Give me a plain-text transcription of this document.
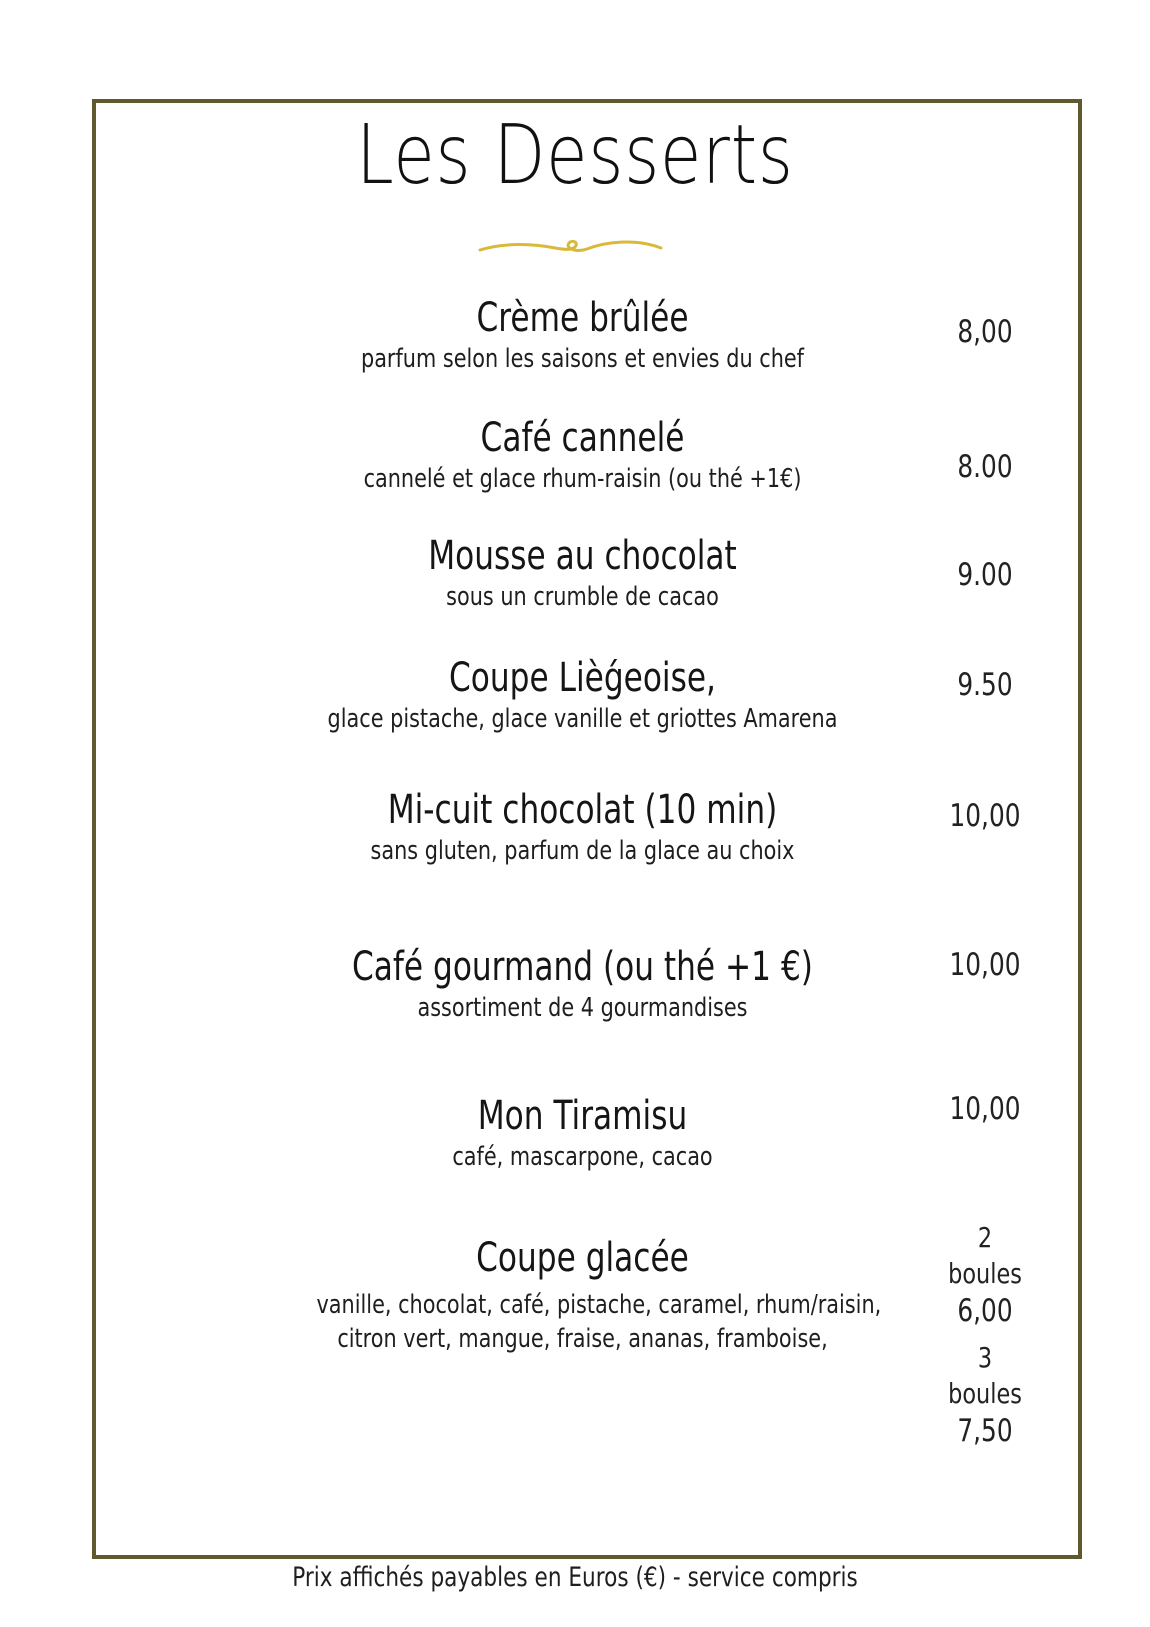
Les Desserts
Crème brûlée
parfum selon les saisons et envies du chef
8,00
Café cannelé
cannelé et glace rhum-raisin (ou thé +1€)	8.00
Mousse au chocolat
sous un crumble de cacao
9.00
Coupe Lièǵeoise,
glace pistache, glace vanille et griottes Amarena
9.50
Mi-cuit chocolat (10 min)
sans gluten, parfum de la glace au choix
10,00
Café gourmand (ou thé +1 €)
assortiment de 4 gourmandises
10,00
Mon Tiramisu
café, mascarpone, cacao
10,00
Coupe glacée
vanille, chocolat, café, pistache, caramel, rhum/raisin,
citron vert, mangue, fraise, ananas, framboise,
2 boules
6,00
3 boules
7,50
Prix affichés payables en Euros (€) - service compris
